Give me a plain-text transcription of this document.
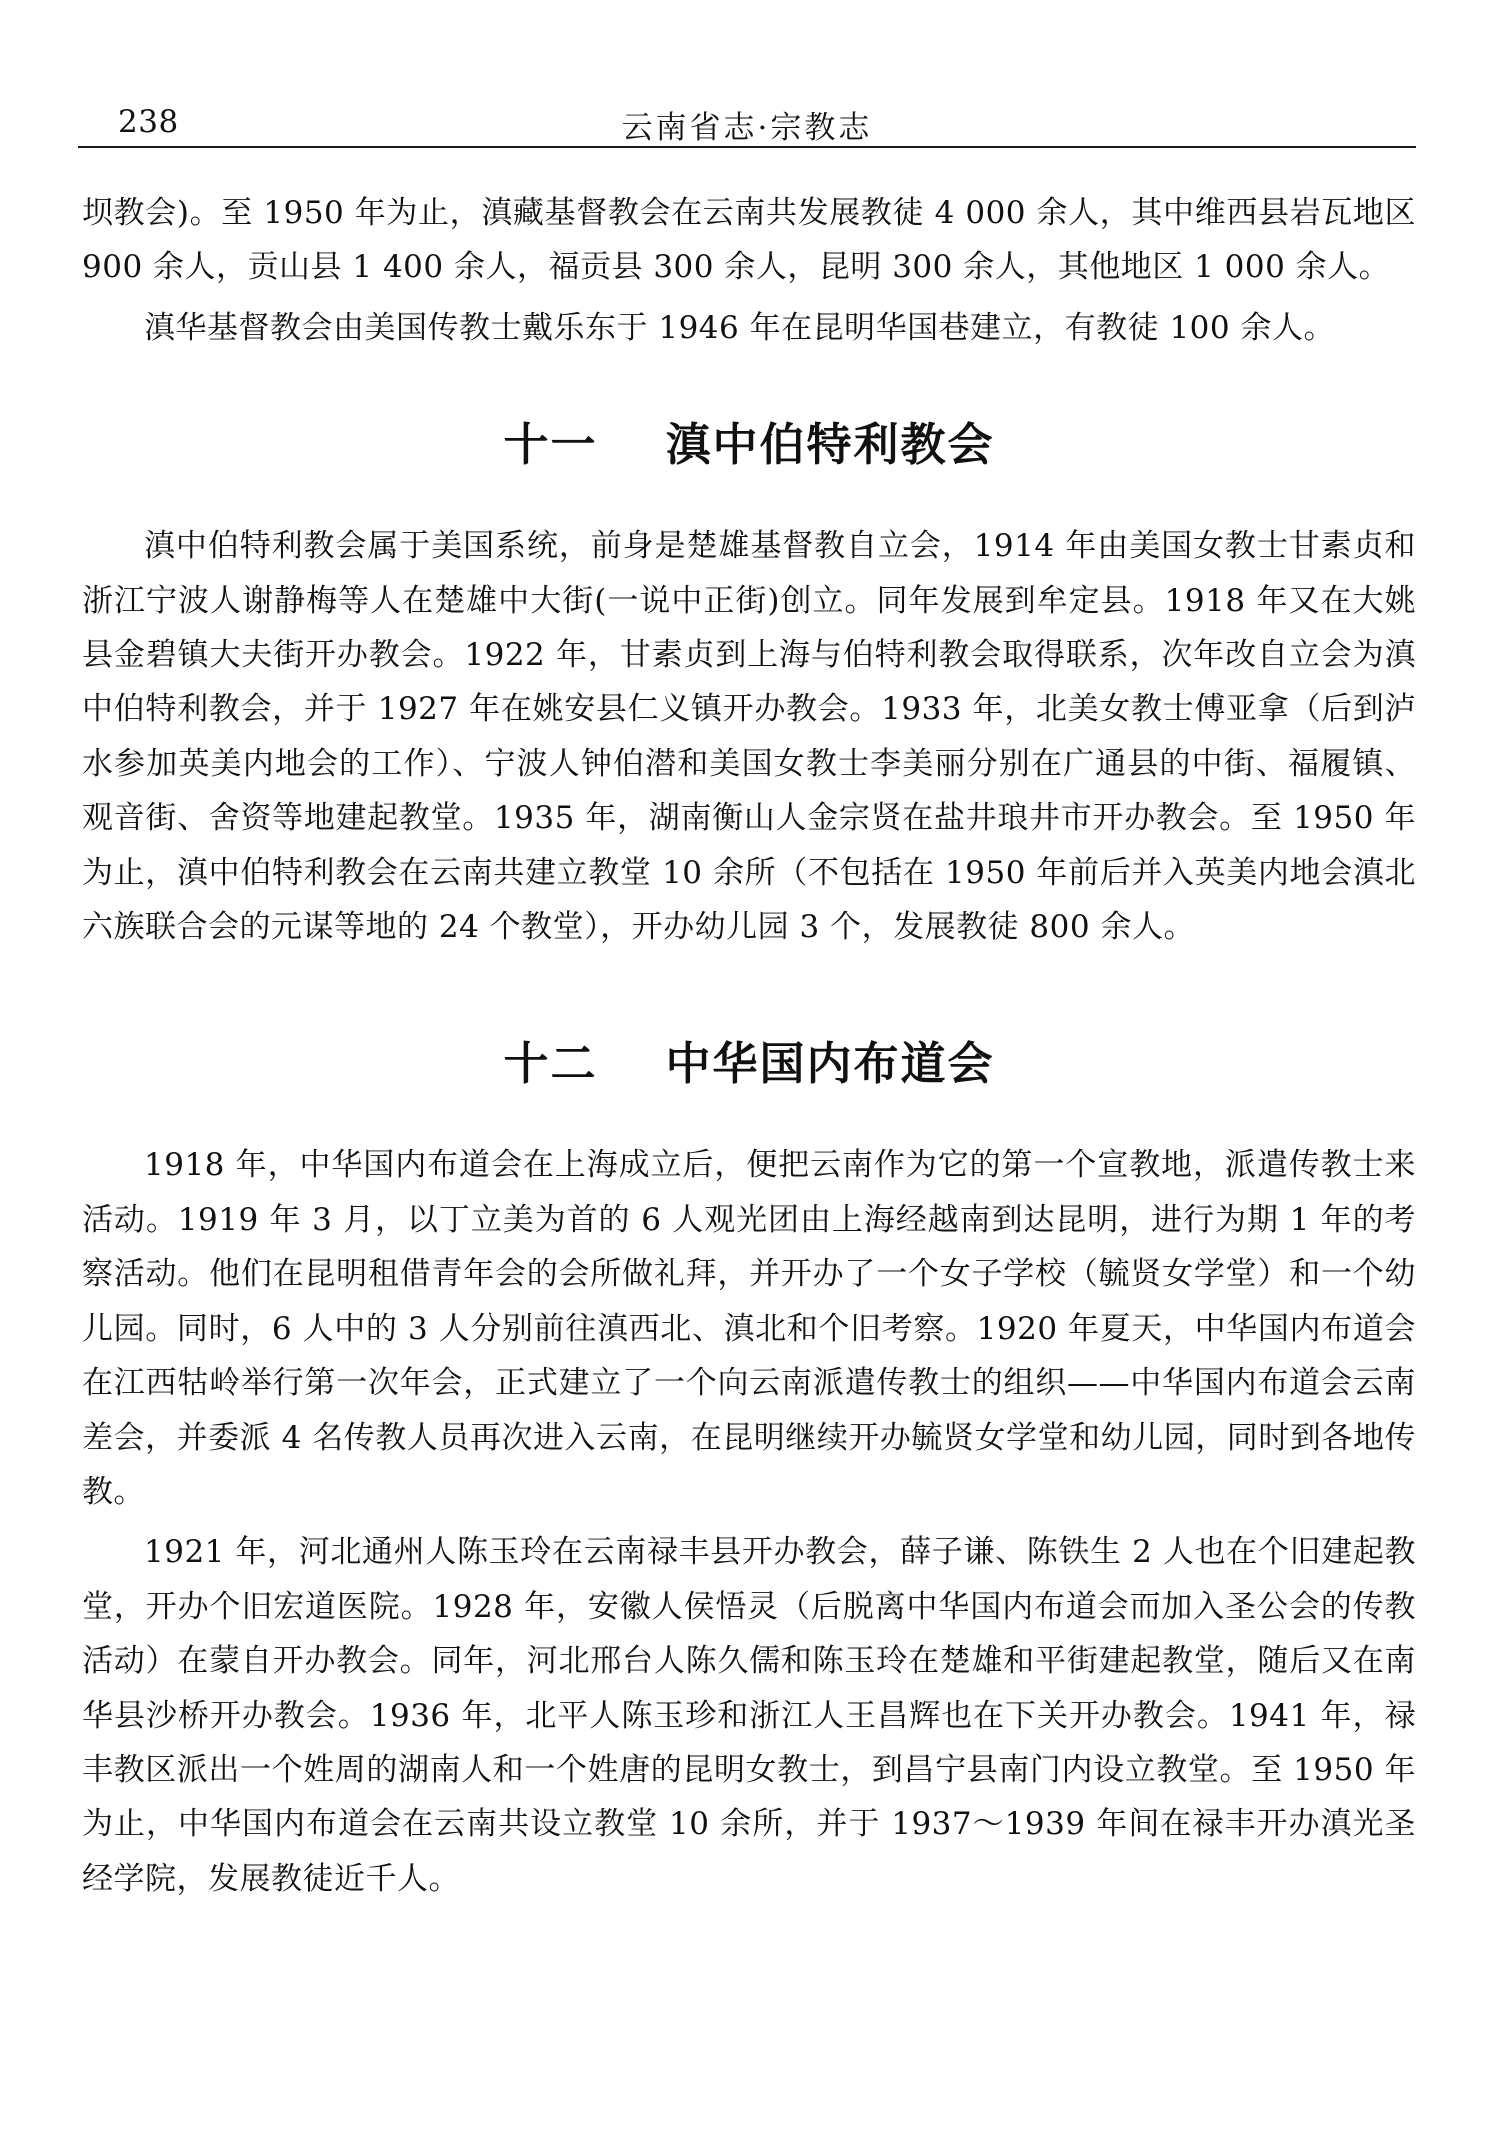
238	云南省志·宗教志

坝教会)。至 1950 年为止，滇藏基督教会在云南共发展教徒 4 000 余人，其中维西县岩瓦地区 900 余人，贡山县 1 400 余人，福贡县 300 余人，昆明 300 余人，其他地区 1 000 余人。

滇华基督教会由美国传教士戴乐东于 1946 年在昆明华国巷建立，有教徒 100 余人。

十一 滇中伯特利教会

滇中伯特利教会属于美国系统，前身是楚雄基督教自立会，1914 年由美国女教士甘素贞和浙江宁波人谢静梅等人在楚雄中大街(一说中正街)创立。同年发展到牟定县。1918 年又在大姚县金碧镇大夫街开办教会。1922 年，甘素贞到上海与伯特利教会取得联系，次年改自立会为滇中伯特利教会，并于 1927 年在姚安县仁义镇开办教会。1933 年，北美女教士傅亚拿（后到泸水参加英美内地会的工作）、宁波人钟伯潜和美国女教士李美丽分别在广通县的中街、福履镇、观音街、舍资等地建起教堂。1935 年，湖南衡山人金宗贤在盐井琅井市开办教会。至 1950 年为止，滇中伯特利教会在云南共建立教堂 10 余所（不包括在 1950 年前后并入英美内地会滇北六族联合会的元谋等地的 24 个教堂），开办幼儿园 3 个，发展教徒 800 余人。

十二 中华国内布道会

1918 年，中华国内布道会在上海成立后，便把云南作为它的第一个宣教地，派遣传教士来活动。1919 年 3 月，以丁立美为首的 6 人观光团由上海经越南到达昆明，进行为期 1 年的考察活动。他们在昆明租借青年会的会所做礼拜，并开办了一个女子学校（毓贤女学堂）和一个幼儿园。同时，6 人中的 3 人分别前往滇西北、滇北和个旧考察。1920 年夏天，中华国内布道会在江西牯岭举行第一次年会，正式建立了一个向云南派遣传教士的组织——中华国内布道会云南差会，并委派 4 名传教人员再次进入云南，在昆明继续开办毓贤女学堂和幼儿园，同时到各地传教。

1921 年，河北通州人陈玉玲在云南禄丰县开办教会，薛子谦、陈铁生 2 人也在个旧建起教堂，开办个旧宏道医院。1928 年，安徽人侯悟灵（后脱离中华国内布道会而加入圣公会的传教活动）在蒙自开办教会。同年，河北邢台人陈久儒和陈玉玲在楚雄和平街建起教堂，随后又在南华县沙桥开办教会。1936 年，北平人陈玉珍和浙江人王昌辉也在下关开办教会。1941 年，禄丰教区派出一个姓周的湖南人和一个姓唐的昆明女教士，到昌宁县南门内设立教堂。至 1950 年为止，中华国内布道会在云南共设立教堂 10 余所，并于 1937～1939 年间在禄丰开办滇光圣经学院，发展教徒近千人。
